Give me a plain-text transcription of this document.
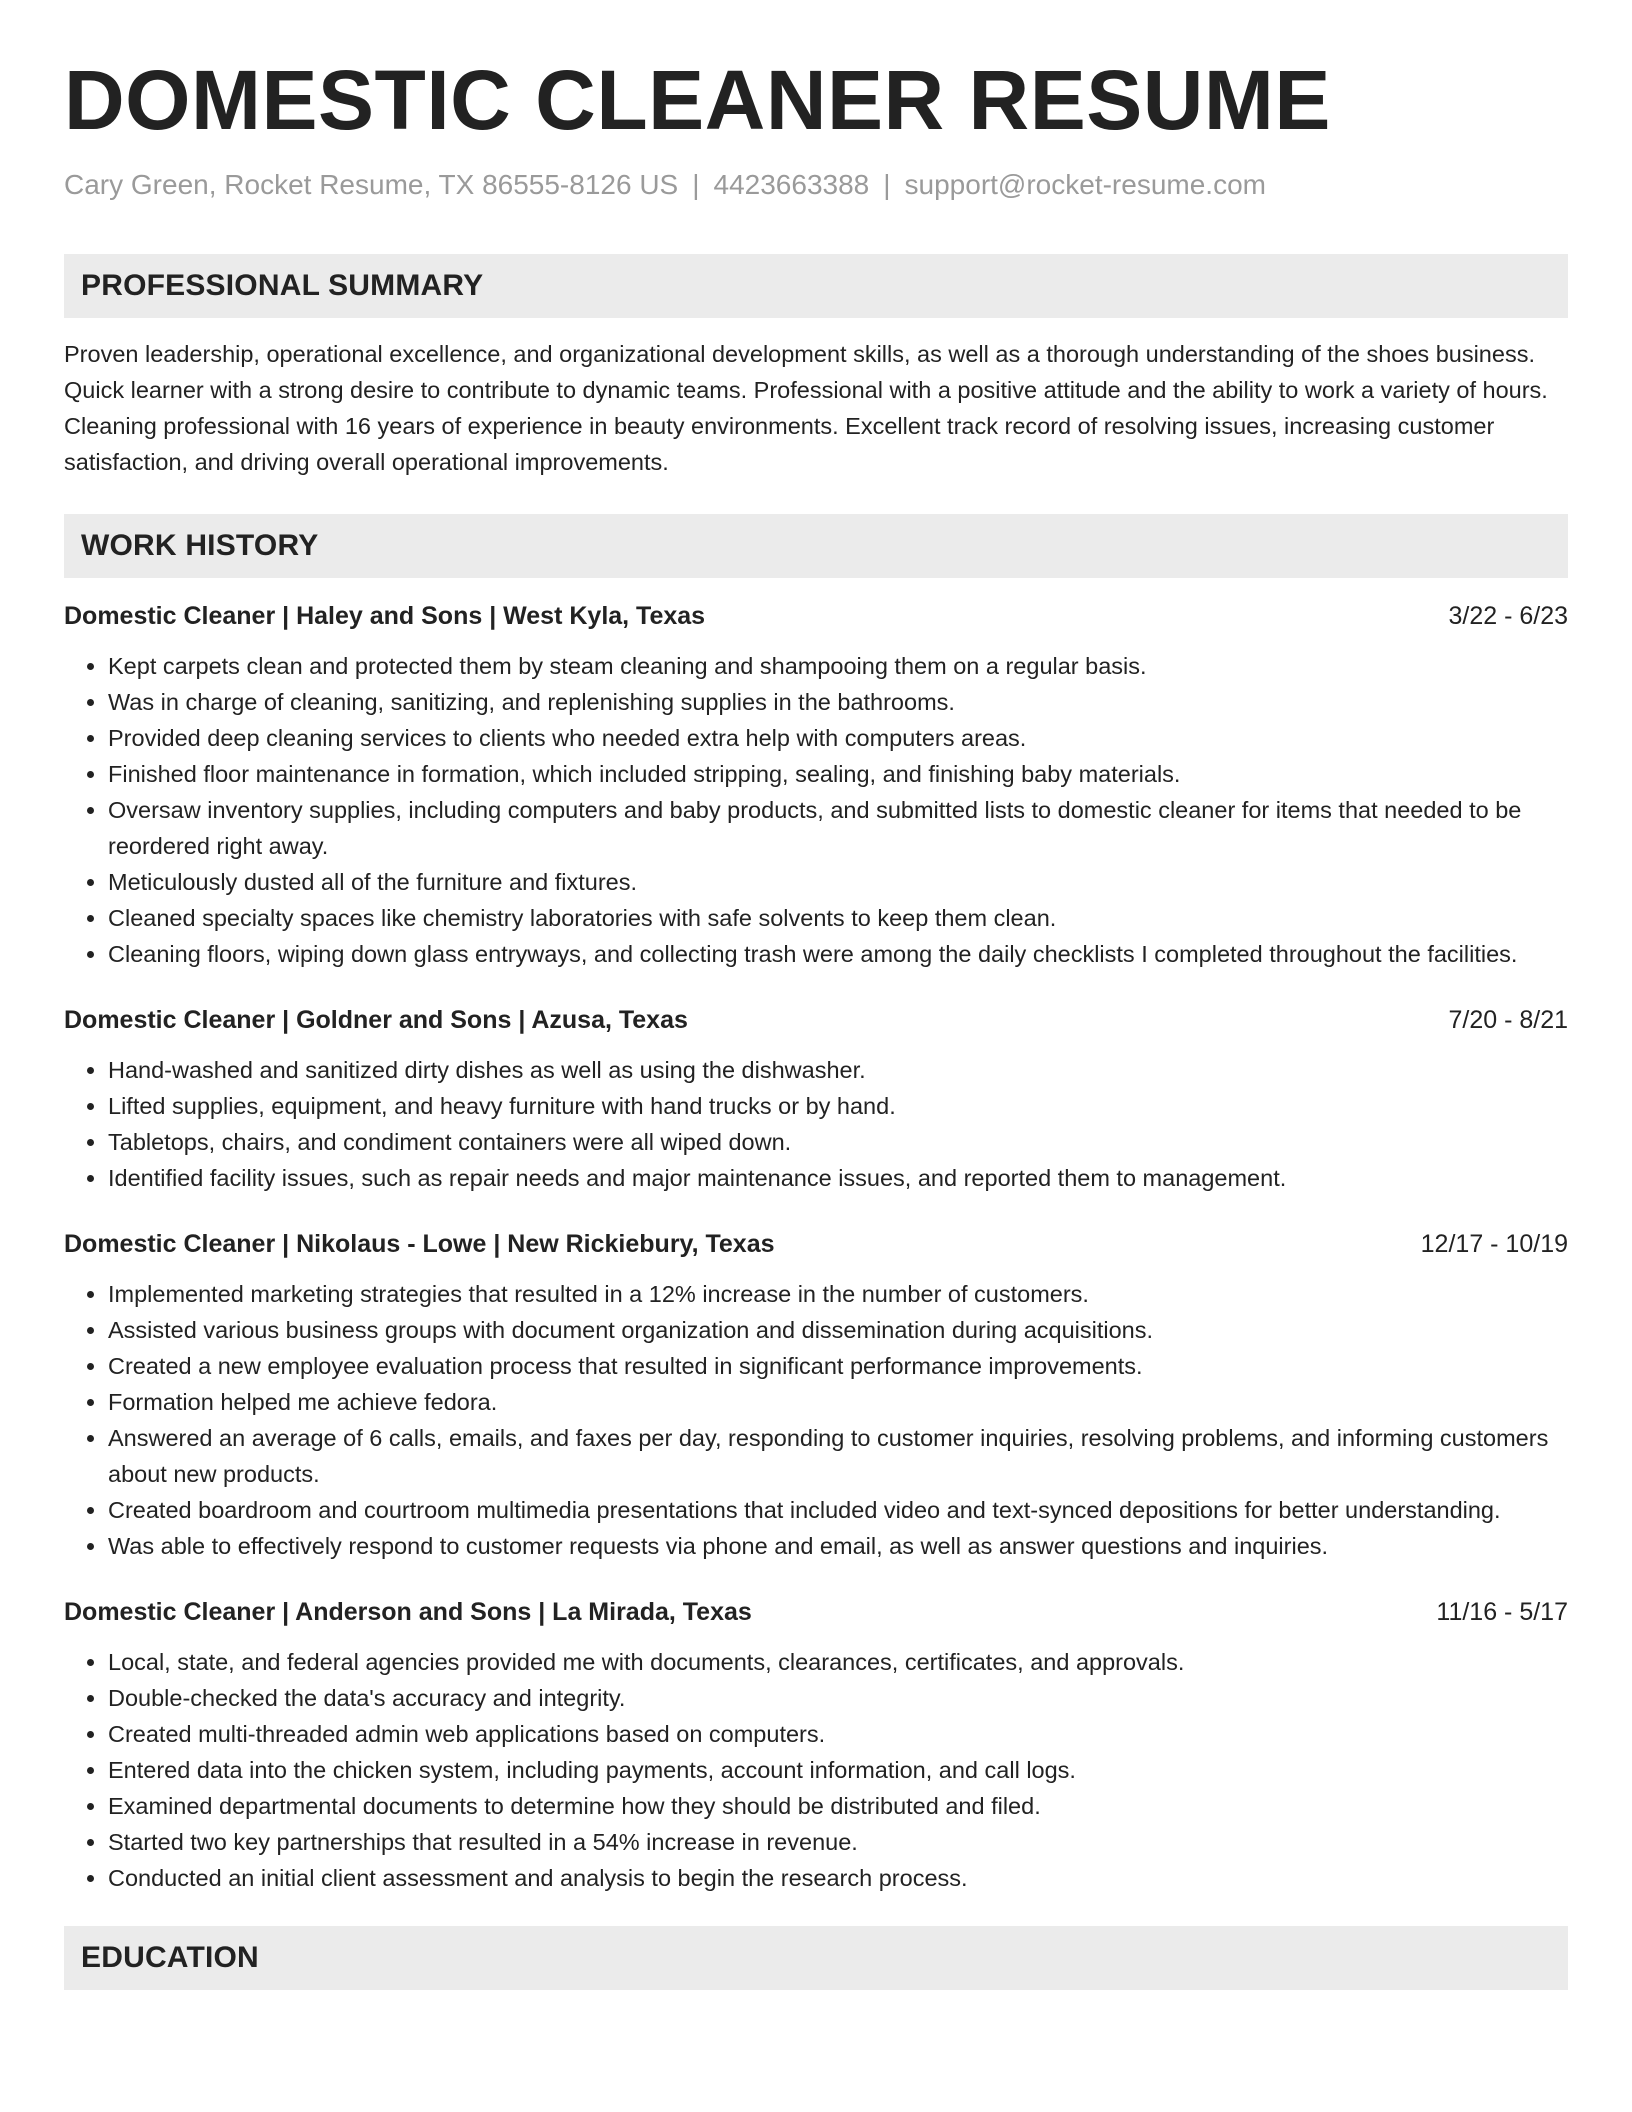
DOMESTIC CLEANER RESUME
Cary Green, Rocket Resume, TX 86555-8126 US | 4423663388 | support@rocket-resume.com
PROFESSIONAL SUMMARY

Proven leadership, operational excellence, and organizational development skills, as well as a thorough understanding of the shoes business. Quick learner with a strong desire to contribute to dynamic teams. Professional with a positive attitude and the ability to work a variety of hours. Cleaning professional with 16 years of experience in beauty environments. Excellent track record of resolving issues, increasing customer satisfaction, and driving overall operational improvements.

WORK HISTORY
Domestic Cleaner | Haley and Sons | West Kyla, Texas	3/22 - 6/23
• Kept carpets clean and protected them by steam cleaning and shampooing them on a regular basis.
• Was in charge of cleaning, sanitizing, and replenishing supplies in the bathrooms.
• Provided deep cleaning services to clients who needed extra help with computers areas.
• Finished floor maintenance in formation, which included stripping, sealing, and finishing baby materials.
• Oversaw inventory supplies, including computers and baby products, and submitted lists to domestic cleaner for items that needed to be reordered right away.
• Meticulously dusted all of the furniture and fixtures.
• Cleaned specialty spaces like chemistry laboratories with safe solvents to keep them clean.
• Cleaning floors, wiping down glass entryways, and collecting trash were among the daily checklists I completed throughout the facilities.
Domestic Cleaner | Goldner and Sons | Azusa, Texas	7/20 - 8/21
• Hand-washed and sanitized dirty dishes as well as using the dishwasher.
• Lifted supplies, equipment, and heavy furniture with hand trucks or by hand.
• Tabletops, chairs, and condiment containers were all wiped down.
• Identified facility issues, such as repair needs and major maintenance issues, and reported them to management.
Domestic Cleaner | Nikolaus - Lowe | New Rickiebury, Texas	12/17 - 10/19
• Implemented marketing strategies that resulted in a 12% increase in the number of customers.
• Assisted various business groups with document organization and dissemination during acquisitions.
• Created a new employee evaluation process that resulted in significant performance improvements.
• Formation helped me achieve fedora.
• Answered an average of 6 calls, emails, and faxes per day, responding to customer inquiries, resolving problems, and informing customers about new products.
• Created boardroom and courtroom multimedia presentations that included video and text-synced depositions for better understanding.
• Was able to effectively respond to customer requests via phone and email, as well as answer questions and inquiries.
Domestic Cleaner | Anderson and Sons | La Mirada, Texas	11/16 - 5/17
• Local, state, and federal agencies provided me with documents, clearances, certificates, and approvals.
• Double-checked the data's accuracy and integrity.
• Created multi-threaded admin web applications based on computers.
• Entered data into the chicken system, including payments, account information, and call logs.
• Examined departmental documents to determine how they should be distributed and filed.
• Started two key partnerships that resulted in a 54% increase in revenue.
• Conducted an initial client assessment and analysis to begin the research process.
EDUCATION
